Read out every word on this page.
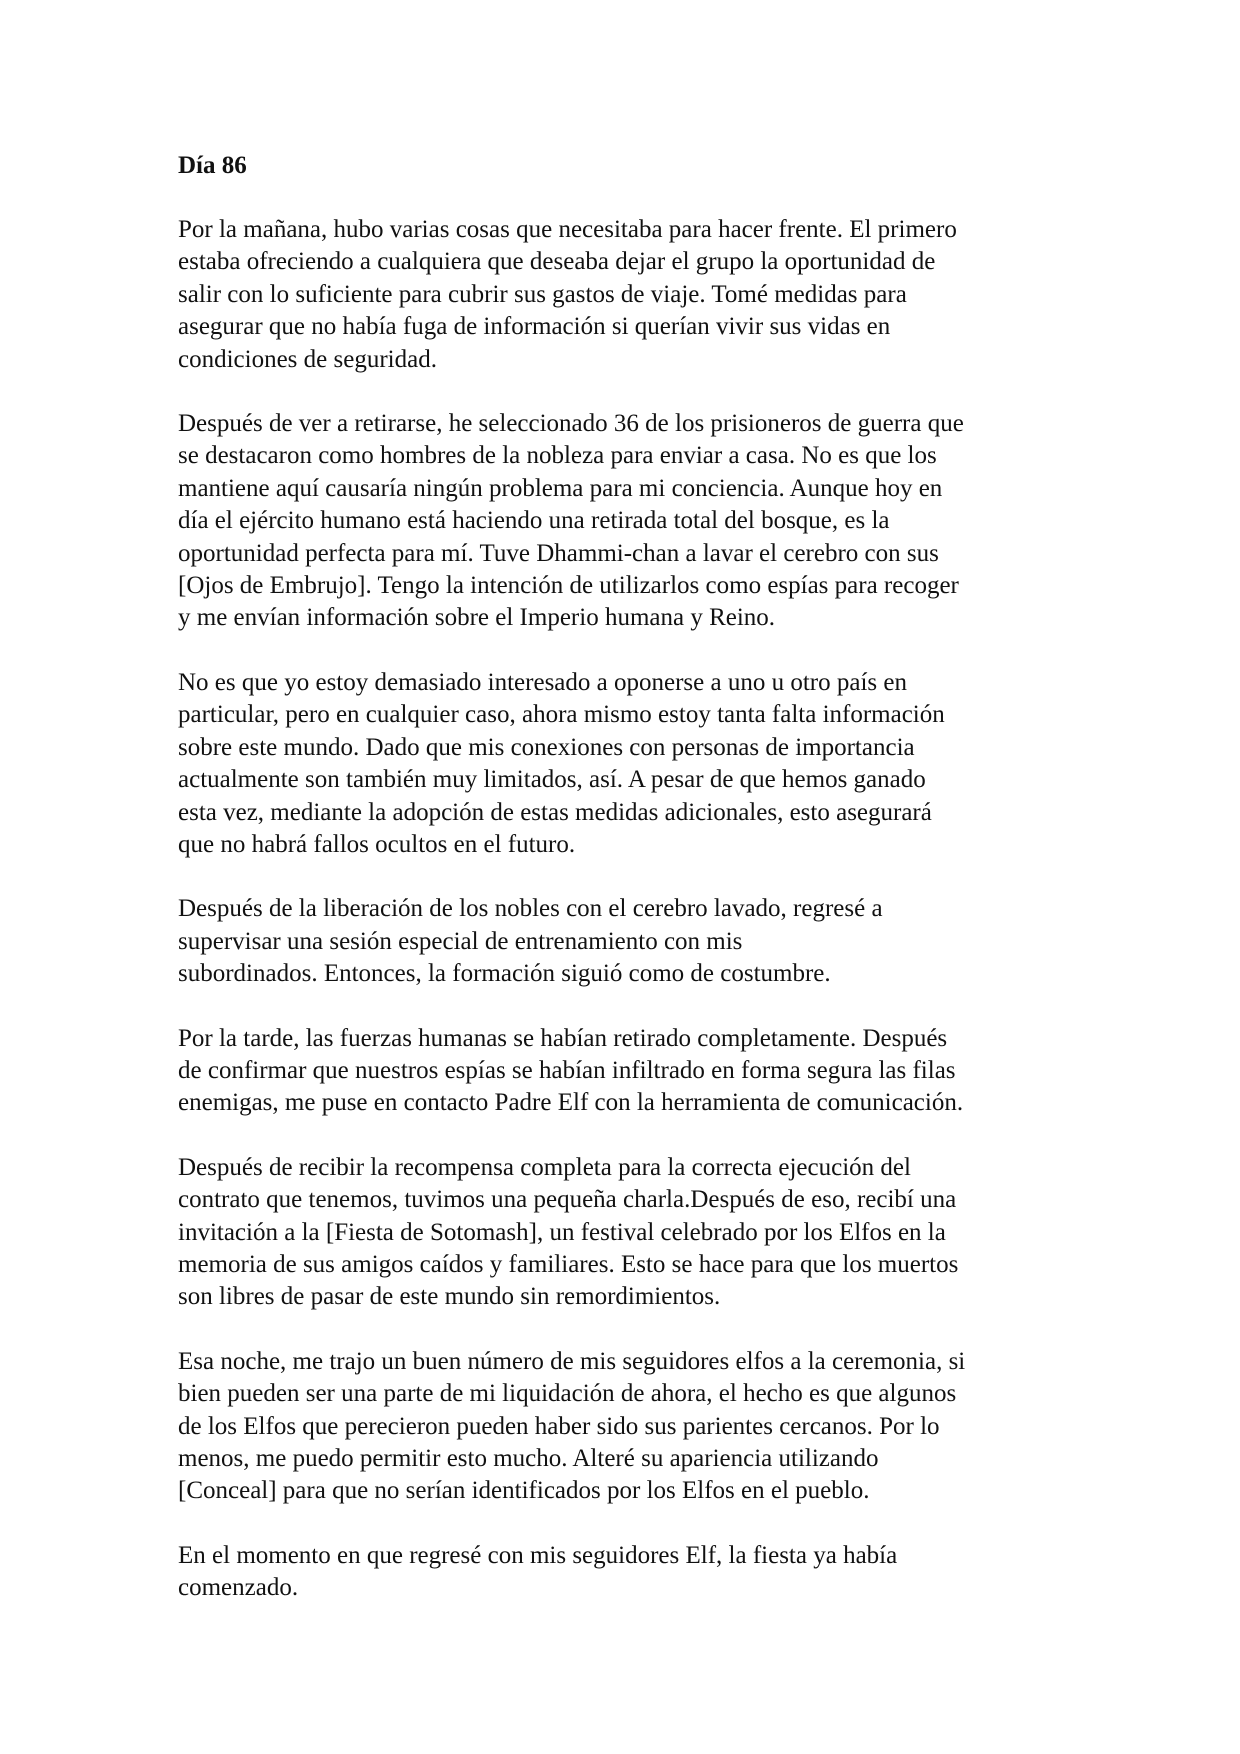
Día 86

Por la mañana, hubo varias cosas que necesitaba para hacer frente. El primero
estaba ofreciendo a cualquiera que deseaba dejar el grupo la oportunidad de
salir con lo suficiente para cubrir sus gastos de viaje. Tomé medidas para
asegurar que no había fuga de información si querían vivir sus vidas en
condiciones de seguridad.

Después de ver a retirarse, he seleccionado 36 de los prisioneros de guerra que
se destacaron como hombres de la nobleza para enviar a casa. No es que los
mantiene aquí causaría ningún problema para mi conciencia. Aunque hoy en
día el ejército humano está haciendo una retirada total del bosque, es la
oportunidad perfecta para mí. Tuve Dhammi-chan a lavar el cerebro con sus
[Ojos de Embrujo]. Tengo la intención de utilizarlos como espías para recoger
y me envían información sobre el Imperio humana y Reino.

No es que yo estoy demasiado interesado a oponerse a uno u otro país en
particular, pero en cualquier caso, ahora mismo estoy tanta falta información
sobre este mundo. Dado que mis conexiones con personas de importancia
actualmente son también muy limitados, así. A pesar de que hemos ganado
esta vez, mediante la adopción de estas medidas adicionales, esto asegurará
que no habrá fallos ocultos en el futuro.

Después de la liberación de los nobles con el cerebro lavado, regresé a
supervisar una sesión especial de entrenamiento con mis
subordinados. Entonces, la formación siguió como de costumbre.

Por la tarde, las fuerzas humanas se habían retirado completamente. Después
de confirmar que nuestros espías se habían infiltrado en forma segura las filas
enemigas, me puse en contacto Padre Elf con la herramienta de comunicación.

Después de recibir la recompensa completa para la correcta ejecución del
contrato que tenemos, tuvimos una pequeña charla.Después de eso, recibí una
invitación a la [Fiesta de Sotomash], un festival celebrado por los Elfos en la
memoria de sus amigos caídos y familiares. Esto se hace para que los muertos
son libres de pasar de este mundo sin remordimientos.

Esa noche, me trajo un buen número de mis seguidores elfos a la ceremonia, si
bien pueden ser una parte de mi liquidación de ahora, el hecho es que algunos
de los Elfos que perecieron pueden haber sido sus parientes cercanos. Por lo
menos, me puedo permitir esto mucho. Alteré su apariencia utilizando
[Conceal] para que no serían identificados por los Elfos en el pueblo.

En el momento en que regresé con mis seguidores Elf, la fiesta ya había
comenzado.
